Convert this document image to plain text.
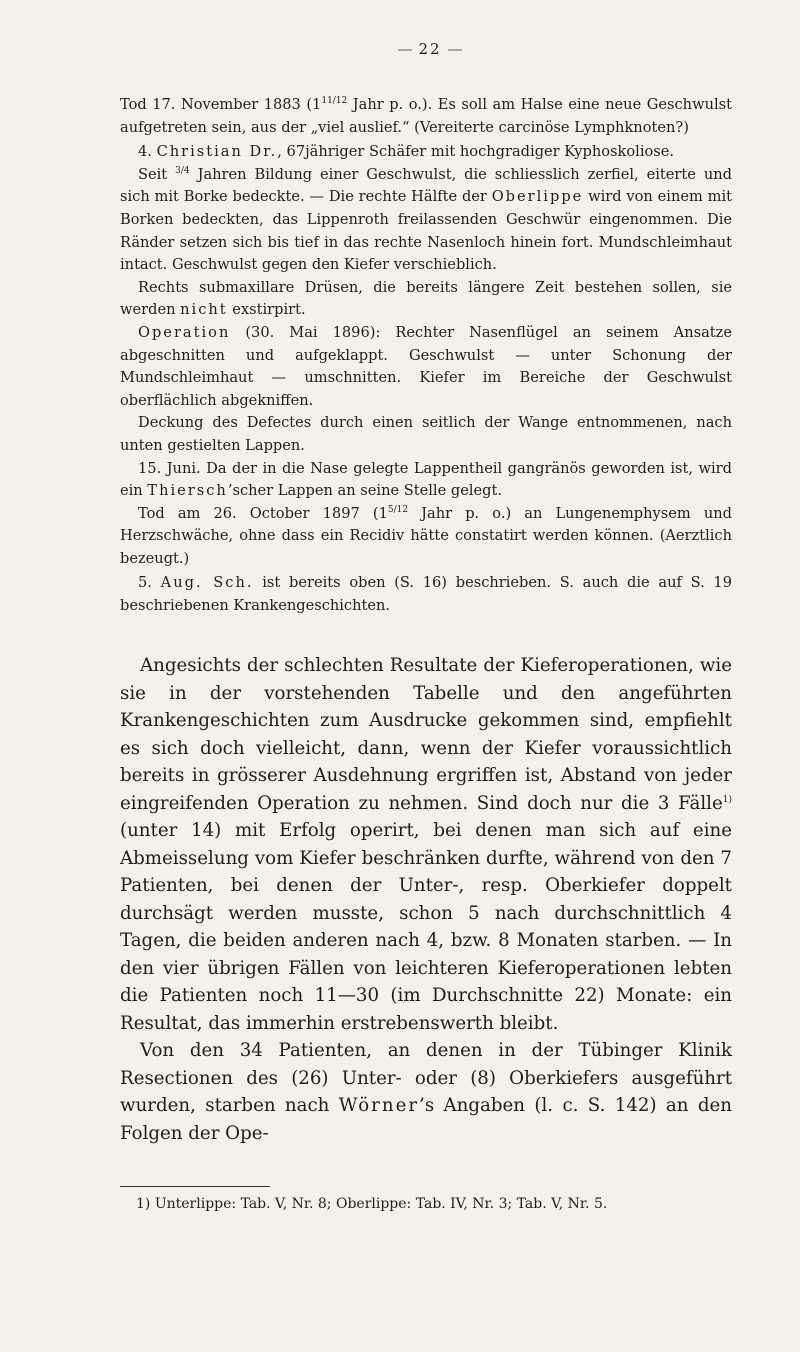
— 22 —

Tod 17. November 1883 ($1^{11/12}$ Jahr p. o.). Es soll am Halse eine neue Geschwulst aufgetreten sein, aus der „viel auslief.“ (Vereiterte carcinöse Lymphknoten?)

4. Christian Dr., 67jähriger Schäfer mit hochgradiger Kyphoskoliose.

Seit $^{3/4}$ Jahren Bildung einer Geschwulst, die schliesslich zerfiel, eiterte und sich mit Borke bedeckte. — Die rechte Hälfte der Oberlippe wird von einem mit Borken bedeckten, das Lippenroth freilassenden Geschwür eingenommen. Die Ränder setzen sich bis tief in das rechte Nasenloch hinein fort. Mundschleimhaut intact. Geschwulst gegen den Kiefer verschieblich.

Rechts submaxillare Drüsen, die bereits längere Zeit bestehen sollen, sie werden nicht exstirpirt.

Operation (30. Mai 1896): Rechter Nasenflügel an seinem Ansatze abgeschnitten und aufgeklappt. Geschwulst — unter Schonung der Mundschleimhaut — umschnitten. Kiefer im Bereiche der Geschwulst oberflächlich abgekniffen.

Deckung des Defectes durch einen seitlich der Wange entnommenen, nach unten gestielten Lappen.

15. Juni. Da der in die Nase gelegte Lappentheil gangränös geworden ist, wird ein Thiersch’scher Lappen an seine Stelle gelegt.

Tod am 26. October 1897 ($1^{5/12}$ Jahr p. o.) an Lungenemphysem und Herzschwäche, ohne dass ein Recidiv hätte constatirt werden können. (Aerztlich bezeugt.)

5. Aug. Sch. ist bereits oben (S. 16) beschrieben. S. auch die auf S. 19 beschriebenen Krankengeschichten.

Angesichts der schlechten Resultate der Kieferoperationen, wie sie in der vorstehenden Tabelle und den angeführten Krankengeschichten zum Ausdrucke gekommen sind, empfiehlt es sich doch vielleicht, dann, wenn der Kiefer voraussichtlich bereits in grösserer Ausdehnung ergriffen ist, Abstand von jeder eingreifenden Operation zu nehmen. Sind doch nur die 3 Fälle$^{1)}$ (unter 14) mit Erfolg operirt, bei denen man sich auf eine Abmeisselung vom Kiefer beschränken durfte, während von den 7 Patienten, bei denen der Unter-, resp. Oberkiefer doppelt durchsägt werden musste, schon 5 nach durchschnittlich 4 Tagen, die beiden anderen nach 4, bzw. 8 Monaten starben. — In den vier übrigen Fällen von leichteren Kieferoperationen lebten die Patienten noch 11—30 (im Durchschnitte 22) Monate: ein Resultat, das immerhin erstrebenswerth bleibt.

Von den 34 Patienten, an denen in der Tübinger Klinik Resectionen des (26) Unter- oder (8) Oberkiefers ausgeführt wurden, starben nach Wörner’s Angaben (l. c. S. 142) an den Folgen der Ope-

1) Unterlippe: Tab. V, Nr. 8; Oberlippe: Tab. IV, Nr. 3; Tab. V, Nr. 5.
